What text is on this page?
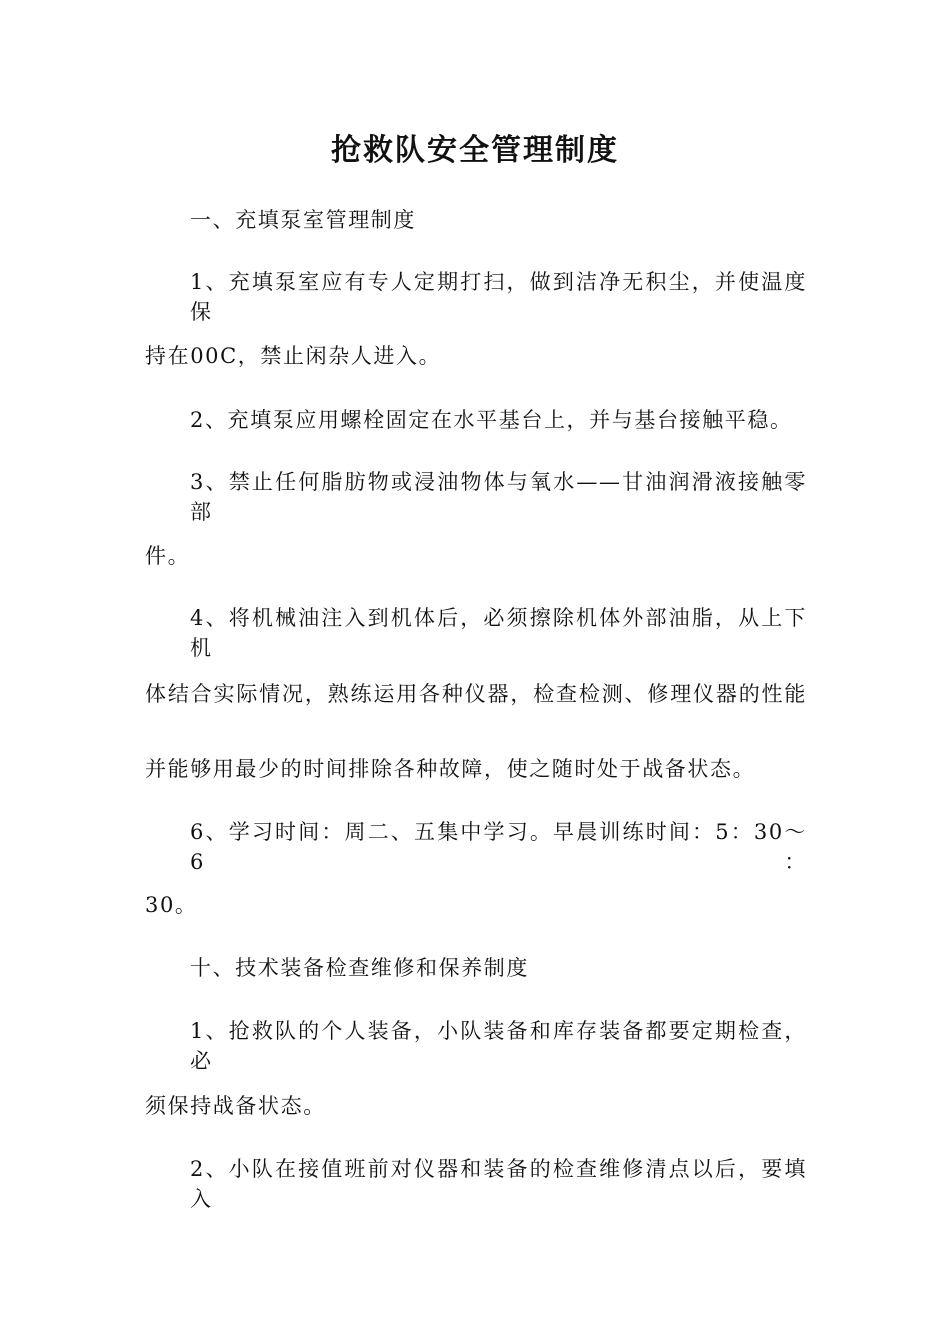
抢救队安全管理制度

一、充填泵室管理制度

1、充填泵室应有专人定期打扫，做到洁净无积尘，并使温度保

持在00C，禁止闲杂人进入。

2、充填泵应用螺栓固定在水平基台上，并与基台接触平稳。

3、禁止任何脂肪物或浸油物体与氧水——甘油润滑液接触零部

件。

4、将机械油注入到机体后，必须擦除机体外部油脂，从上下机

体结合实际情况，熟练运用各种仪器，检查检测、修理仪器的性能

并能够用最少的时间排除各种故障，使之随时处于战备状态。

6、学习时间：周二、五集中学习。早晨训练时间：5：30～6：

30。

十、技术装备检查维修和保养制度

1、抢救队的个人装备，小队装备和库存装备都要定期检查，必

须保持战备状态。

2、小队在接值班前对仪器和装备的检查维修清点以后，要填入
